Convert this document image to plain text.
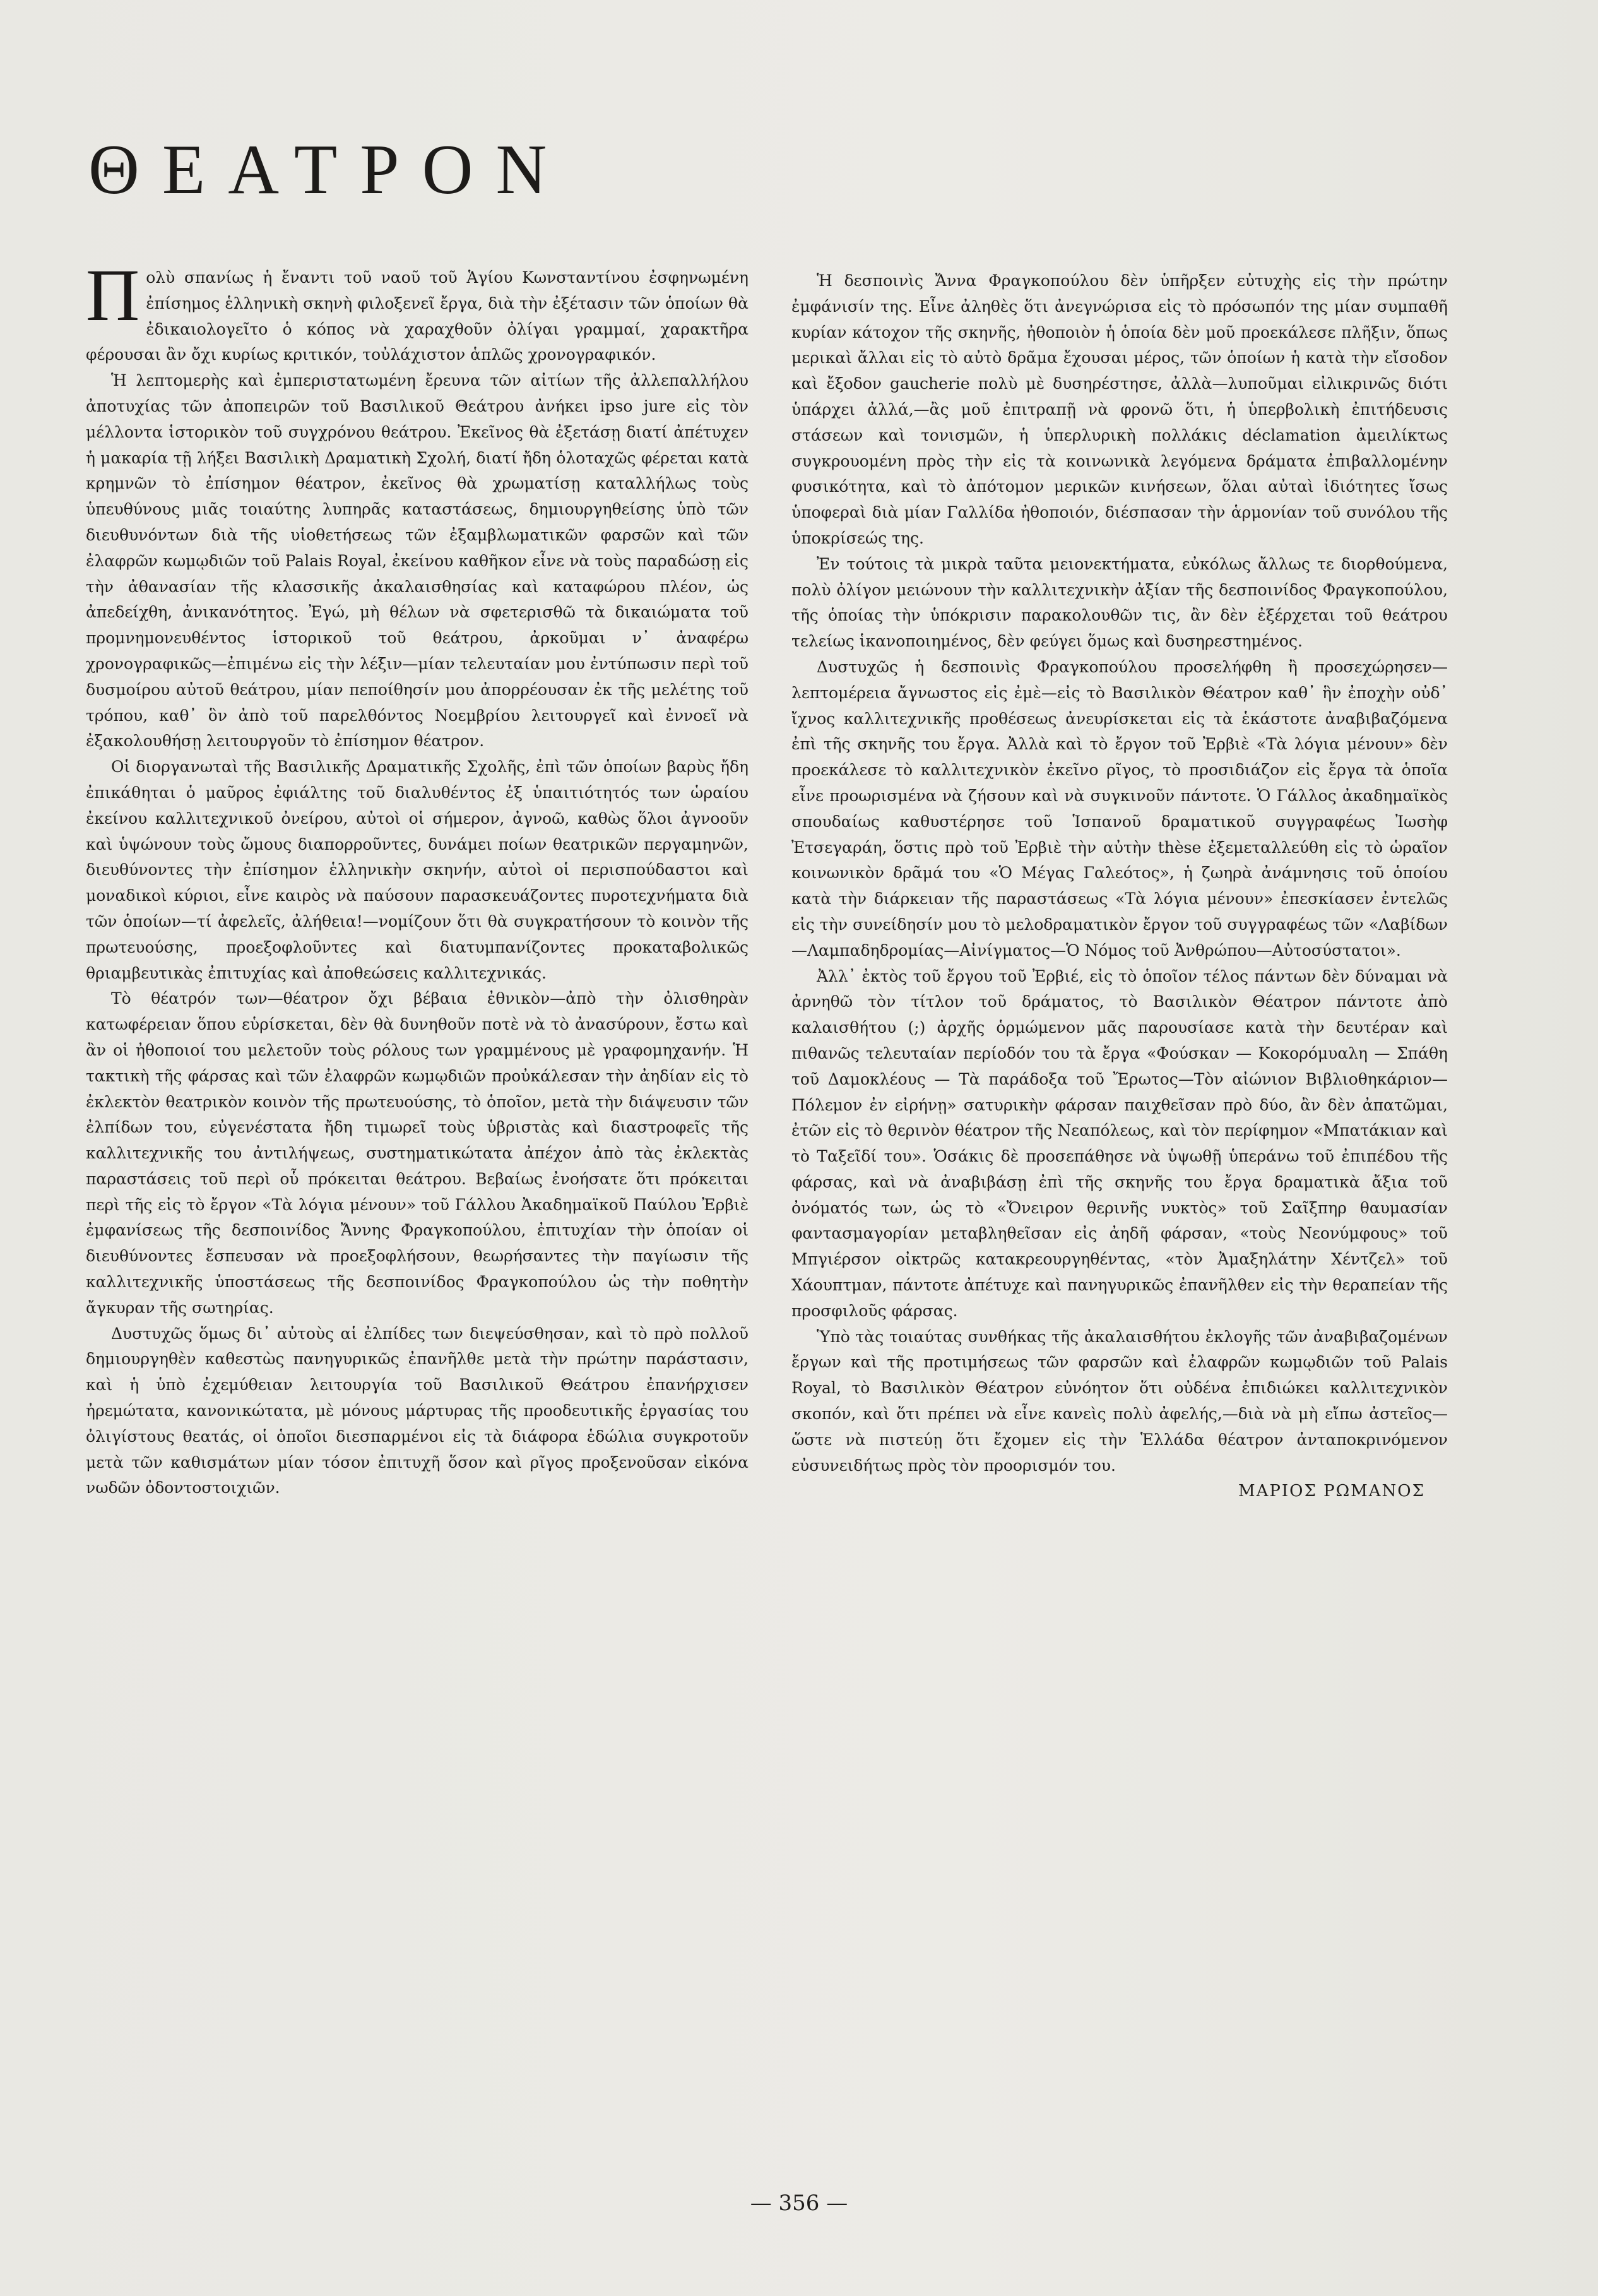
ΘΕΑΤΡΟΝ

Πολὺ σπανίως ἡ ἔναντι τοῦ ναοῦ τοῦ Ἁγίου Κωνσταντίνου ἐσφηνωμένη ἐπίσημος ἑλληνικὴ σκηνὴ φιλοξενεῖ ἔργα, διὰ τὴν ἐξέτασιν τῶν ὁποίων θὰ ἐδικαιολογεῖτο ὁ κόπος νὰ χαραχθοῦν ὀλίγαι γραμμαί, χαρακτῆρα φέρουσαι ἂν ὄχι κυρίως κριτικόν, τοὐλάχιστον ἁπλῶς χρονογραφικόν.

Ἡ λεπτομερὴς καὶ ἐμπεριστατωμένη ἔρευνα τῶν αἰτίων τῆς ἀλλεπαλλήλου ἀποτυχίας τῶν ἀποπειρῶν τοῦ Βασιλικοῦ Θεάτρου ἀνήκει ipso jure εἰς τὸν μέλλοντα ἱστορικὸν τοῦ συγχρόνου θεάτρου. Ἐκεῖνος θὰ ἐξετάσῃ διατί ἀπέτυχεν ἡ μακαρία τῇ λήξει Βασιλικὴ Δραματικὴ Σχολή, διατί ἤδη ὁλοταχῶς φέρεται κατὰ κρημνῶν τὸ ἐπίσημον θέατρον, ἐκεῖνος θὰ χρωματίσῃ καταλλήλως τοὺς ὑπευθύνους μιᾶς τοιαύτης λυπηρᾶς καταστάσεως, δημιουργηθείσης ὑπὸ τῶν διευθυνόντων διὰ τῆς υἱοθετήσεως τῶν ἐξαμβλωματικῶν φαρσῶν καὶ τῶν ἐλαφρῶν κωμῳδιῶν τοῦ Palais Royal, ἐκείνου καθῆκον εἶνε νὰ τοὺς παραδώσῃ εἰς τὴν ἀθανασίαν τῆς κλασσικῆς ἀκαλαισθησίας καὶ καταφώρου πλέον, ὡς ἀπεδείχθη, ἀνικανότητος. Ἐγώ, μὴ θέλων νὰ σφετερισθῶ τὰ δικαιώματα τοῦ προμνημονευθέντος ἱστορικοῦ τοῦ θεάτρου, ἀρκοῦμαι ν᾽ ἀναφέρω χρονογραφικῶς—ἐπιμένω εἰς τὴν λέξιν—μίαν τελευταίαν μου ἐντύπωσιν περὶ τοῦ δυσμοίρου αὐτοῦ θεάτρου, μίαν πεποίθησίν μου ἀπορρέουσαν ἐκ τῆς μελέτης τοῦ τρόπου, καθ᾽ ὃν ἀπὸ τοῦ παρελθόντος Νοεμβρίου λειτουργεῖ καὶ ἐννοεῖ νὰ ἐξακολουθήσῃ λειτουργοῦν τὸ ἐπίσημον θέατρον.

Οἱ διοργανωταὶ τῆς Βασιλικῆς Δραματικῆς Σχολῆς, ἐπὶ τῶν ὁποίων βαρὺς ἤδη ἐπικάθηται ὁ μαῦρος ἐφιάλτης τοῦ διαλυθέντος ἐξ ὑπαιτιότητός των ὡραίου ἐκείνου καλλιτεχνικοῦ ὀνείρου, αὐτοὶ οἱ σήμερον, ἀγνοῶ, καθὼς ὅλοι ἀγνοοῦν καὶ ὑψώνουν τοὺς ὤμους διαπορροῦντες, δυνάμει ποίων θεατρικῶν περγαμηνῶν, διευθύνοντες τὴν ἐπίσημον ἑλληνικὴν σκηνήν, αὐτοὶ οἱ περισπούδαστοι καὶ μοναδικοὶ κύριοι, εἶνε καιρὸς νὰ παύσουν παρασκευάζοντες πυροτεχνήματα διὰ τῶν ὁποίων—τί ἀφελεῖς, ἀλήθεια!—νομίζουν ὅτι θὰ συγκρατήσουν τὸ κοινὸν τῆς πρωτευούσης, προεξοφλοῦντες καὶ διατυμπανίζοντες προκαταβολικῶς θριαμβευτικὰς ἐπιτυχίας καὶ ἀποθεώσεις καλλιτεχνικάς.

Τὸ θέατρόν των—θέατρον ὄχι βέβαια ἐθνικὸν—ἀπὸ τὴν ὀλισθηρὰν κατωφέρειαν ὅπου εὑρίσκεται, δὲν θὰ δυνηθοῦν ποτὲ νὰ τὸ ἀνασύρουν, ἔστω καὶ ἂν οἱ ἠθοποιοί του μελετοῦν τοὺς ρόλους των γραμμένους μὲ γραφομηχανήν. Ἡ τακτικὴ τῆς φάρσας καὶ τῶν ἐλαφρῶν κωμῳδιῶν προὐκάλεσαν τὴν ἀηδίαν εἰς τὸ ἐκλεκτὸν θεατρικὸν κοινὸν τῆς πρωτευούσης, τὸ ὁποῖον, μετὰ τὴν διάψευσιν τῶν ἐλπίδων του, εὐγενέστατα ἤδη τιμωρεῖ τοὺς ὑβριστὰς καὶ διαστροφεῖς τῆς καλλιτεχνικῆς του ἀντιλήψεως, συστηματικώτατα ἀπέχον ἀπὸ τὰς ἐκλεκτὰς παραστάσεις τοῦ περὶ οὗ πρόκειται θεάτρου. Βεβαίως ἐνοήσατε ὅτι πρόκειται περὶ τῆς εἰς τὸ ἔργον «Τὰ λόγια μένουν» τοῦ Γάλλου Ἀκαδημαϊκοῦ Παύλου Ἐρβιὲ ἐμφανίσεως τῆς δεσποινίδος Ἄννης Φραγκοπούλου, ἐπιτυχίαν τὴν ὁποίαν οἱ διευθύνοντες ἔσπευσαν νὰ προεξοφλήσουν, θεωρήσαντες τὴν παγίωσιν τῆς καλλιτεχνικῆς ὑποστάσεως τῆς δεσποινίδος Φραγκοπούλου ὡς τὴν ποθητὴν ἄγκυραν τῆς σωτηρίας.

Δυστυχῶς ὅμως δι᾽ αὐτοὺς αἱ ἐλπίδες των διεψεύσθησαν, καὶ τὸ πρὸ πολλοῦ δημιουργηθὲν καθεστὼς πανηγυρικῶς ἐπανῆλθε μετὰ τὴν πρώτην παράστασιν, καὶ ἡ ὑπὸ ἐχεμύθειαν λειτουργία τοῦ Βασιλικοῦ Θεάτρου ἐπανήρχισεν ἠρεμώτατα, κανονικώτατα, μὲ μόνους μάρτυρας τῆς προοδευτικῆς ἐργασίας του ὀλιγίστους θεατάς, οἱ ὁποῖοι διεσπαρμένοι εἰς τὰ διάφορα ἑδώλια συγκροτοῦν μετὰ τῶν καθισμάτων μίαν τόσον ἐπιτυχῆ ὅσον καὶ ρῖγος προξενοῦσαν εἰκόνα νωδῶν ὀδοντοστοιχιῶν.

Ἡ δεσποινὶς Ἄννα Φραγκοπούλου δὲν ὑπῆρξεν εὐτυχὴς εἰς τὴν πρώτην ἐμφάνισίν της. Εἶνε ἀληθὲς ὅτι ἀνεγνώρισα εἰς τὸ πρόσωπόν της μίαν συμπαθῆ κυρίαν κάτοχον τῆς σκηνῆς, ἠθοποιὸν ἡ ὁποία δὲν μοῦ προεκάλεσε πλῆξιν, ὅπως μερικαὶ ἄλλαι εἰς τὸ αὐτὸ δρᾶμα ἔχουσαι μέρος, τῶν ὁποίων ἡ κατὰ τὴν εἴσοδον καὶ ἔξοδον gaucherie πολὺ μὲ δυσηρέστησε, ἀλλὰ—λυποῦμαι εἰλικρινῶς διότι ὑπάρχει ἀλλά,—ἂς μοῦ ἐπιτραπῇ νὰ φρονῶ ὅτι, ἡ ὑπερβολικὴ ἐπιτήδευσις στάσεων καὶ τονισμῶν, ἡ ὑπερλυρικὴ πολλάκις déclamation ἀμειλίκτως συγκρουομένη πρὸς τὴν εἰς τὰ κοινωνικὰ λεγόμενα δράματα ἐπιβαλλομένην φυσικότητα, καὶ τὸ ἀπότομον μερικῶν κινήσεων, ὅλαι αὐταὶ ἰδιότητες ἴσως ὑποφεραὶ διὰ μίαν Γαλλίδα ἠθοποιόν, διέσπασαν τὴν ἁρμονίαν τοῦ συνόλου τῆς ὑποκρίσεώς της.

Ἐν τούτοις τὰ μικρὰ ταῦτα μειονεκτήματα, εὐκόλως ἄλλως τε διορθούμενα, πολὺ ὀλίγον μειώνουν τὴν καλλιτεχνικὴν ἀξίαν τῆς δεσποινίδος Φραγκοπούλου, τῆς ὁποίας τὴν ὑπόκρισιν παρακολουθῶν τις, ἂν δὲν ἐξέρχεται τοῦ θεάτρου τελείως ἱκανοποιημένος, δὲν φεύγει ὅμως καὶ δυσηρεστημένος.

Δυστυχῶς ἡ δεσποινὶς Φραγκοπούλου προσελήφθη ἢ προσεχώρησεν—λεπτομέρεια ἄγνωστος εἰς ἐμὲ—εἰς τὸ Βασιλικὸν Θέατρον καθ᾽ ἣν ἐποχὴν οὐδ᾽ ἴχνος καλλιτεχνικῆς προθέσεως ἀνευρίσκεται εἰς τὰ ἑκάστοτε ἀναβιβαζόμενα ἐπὶ τῆς σκηνῆς του ἔργα. Ἀλλὰ καὶ τὸ ἔργον τοῦ Ἐρβιὲ «Τὰ λόγια μένουν» δὲν προεκάλεσε τὸ καλλιτεχνικὸν ἐκεῖνο ρῖγος, τὸ προσιδιάζον εἰς ἔργα τὰ ὁποῖα εἶνε προωρισμένα νὰ ζήσουν καὶ νὰ συγκινοῦν πάντοτε. Ὁ Γάλλος ἀκαδημαϊκὸς σπουδαίως καθυστέρησε τοῦ Ἱσπανοῦ δραματικοῦ συγγραφέως Ἰωσὴφ Ἐτσεγαράη, ὅστις πρὸ τοῦ Ἐρβιὲ τὴν αὐτὴν thèse ἐξεμεταλλεύθη εἰς τὸ ὡραῖον κοινωνικὸν δρᾶμά του «Ὁ Μέγας Γαλεότος», ἡ ζωηρὰ ἀνάμνησις τοῦ ὁποίου κατὰ τὴν διάρκειαν τῆς παραστάσεως «Τὰ λόγια μένουν» ἐπεσκίασεν ἐντελῶς εἰς τὴν συνείδησίν μου τὸ μελοδραματικὸν ἔργον τοῦ συγγραφέως τῶν «Λαβίδων—Λαμπαδηδρομίας—Αἰνίγματος—Ὁ Νόμος τοῦ Ἀνθρώπου—Αὐτοσύστατοι».

Ἀλλ᾽ ἐκτὸς τοῦ ἔργου τοῦ Ἐρβιέ, εἰς τὸ ὁποῖον τέλος πάντων δὲν δύναμαι νὰ ἀρνηθῶ τὸν τίτλον τοῦ δράματος, τὸ Βασιλικὸν Θέατρον πάντοτε ἀπὸ καλαισθήτου (;) ἀρχῆς ὁρμώμενον μᾶς παρουσίασε κατὰ τὴν δευτέραν καὶ πιθανῶς τελευταίαν περίοδόν του τὰ ἔργα «Φούσκαν — Κοκορόμυαλη — Σπάθη τοῦ Δαμοκλέους — Τὰ παράδοξα τοῦ Ἔρωτος—Τὸν αἰώνιον Βιβλιοθηκάριον—Πόλεμον ἐν εἰρήνῃ» σατυρικὴν φάρσαν παιχθεῖσαν πρὸ δύο, ἂν δὲν ἀπατῶμαι, ἐτῶν εἰς τὸ θερινὸν θέατρον τῆς Νεαπόλεως, καὶ τὸν περίφημον «Μπατάκιαν καὶ τὸ Ταξεῖδί του». Ὁσάκις δὲ προσεπάθησε νὰ ὑψωθῇ ὑπεράνω τοῦ ἐπιπέδου τῆς φάρσας, καὶ νὰ ἀναβιβάσῃ ἐπὶ τῆς σκηνῆς του ἔργα δραματικὰ ἄξια τοῦ ὀνόματός των, ὡς τὸ «Ὄνειρον θερινῆς νυκτὸς» τοῦ Σαῖξπηρ θαυμασίαν φαντασμαγορίαν μεταβληθεῖσαν εἰς ἀηδῆ φάρσαν, «τοὺς Νεονύμφους» τοῦ Μπγιέρσον οἰκτρῶς κατακρεουργηθέντας, «τὸν Ἀμαξηλάτην Χέντζελ» τοῦ Χάουπτμαν, πάντοτε ἀπέτυχε καὶ πανηγυρικῶς ἐπανῆλθεν εἰς τὴν θεραπείαν τῆς προσφιλοῦς φάρσας.

Ὑπὸ τὰς τοιαύτας συνθήκας τῆς ἀκαλαισθήτου ἐκλογῆς τῶν ἀναβιβαζομένων ἔργων καὶ τῆς προτιμήσεως τῶν φαρσῶν καὶ ἐλαφρῶν κωμῳδιῶν τοῦ Palais Royal, τὸ Βασιλικὸν Θέατρον εὐνόητον ὅτι οὐδένα ἐπιδιώκει καλλιτεχνικὸν σκοπόν, καὶ ὅτι πρέπει νὰ εἶνε κανεὶς πολὺ ἀφελής,—διὰ νὰ μὴ εἴπω ἀστεῖος—ὥστε νὰ πιστεύῃ ὅτι ἔχομεν εἰς τὴν Ἑλλάδα θέατρον ἀνταποκρινόμενον εὐσυνειδήτως πρὸς τὸν προορισμόν του.

ΜΑΡΙΟΣ ΡΩΜΑΝΟΣ

— 356 —
